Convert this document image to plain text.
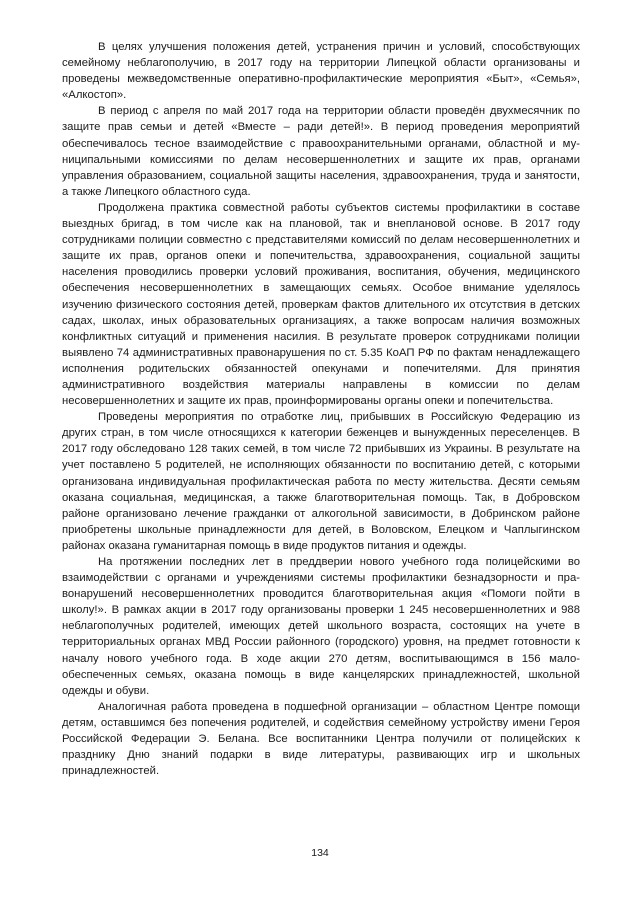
В целях улучшения положения детей, устранения причин и условий, способствующих семейному неблагополучию, в 2017 году на территории Липецкой области организованы и проведены межведомственные оперативно-профилактические мероприятия «Быт», «Семья», «Алкостоп».

В период с апреля по май 2017 года на территории области проведён двухмесячник по защите прав семьи и детей «Вместе – ради детей!». В период проведения мероприятий обеспечивалось тесное взаимодействие с правоохранительными органами, областной и муниципальными комиссиями по делам несовершеннолетних и защите их прав, органами управления образованием, социальной защиты населения, здравоохранения, труда и занятости, а также Липецкого областного суда.

Продолжена практика совместной работы субъектов системы профилактики в составе выездных бригад, в том числе как на плановой, так и внеплановой основе. В 2017 году сотрудниками полиции совместно с представителями комиссий по делам несовершеннолетних и защите их прав, органов опеки и попечительства, здравоохранения, социальной защиты населения проводились проверки условий проживания, воспитания, обучения, медицинского обеспечения несовершеннолетних в замещающих семьях. Особое внимание уделялось изучению физического состояния детей, проверкам фактов длительного их отсутствия в детских садах, школах, иных образовательных организациях, а также вопросам наличия возможных конфликтных ситуаций и применения насилия. В результате проверок сотрудниками полиции выявлено 74 административных правонарушения по ст. 5.35 КоАП РФ по фактам ненадлежащего исполнения родительских обязанностей опекунами и попечителями. Для принятия административного воздействия материалы направлены в комиссии по делам несовершеннолетних и защите их прав, проинформированы органы опеки и попечительства.

Проведены мероприятия по отработке лиц, прибывших в Российскую Федерацию из других стран, в том числе относящихся к категории беженцев и вынужденных переселенцев. В 2017 году обследовано 128 таких семей, в том числе 72 прибывших из Украины. В результате на учет поставлено 5 родителей, не исполняющих обязанности по воспитанию детей, с которыми организована индивидуальная профилактическая работа по месту жительства. Десяти семьям оказана социальная, медицинская, а также благотворительная помощь. Так, в Добровском районе организовано лечение гражданки от алкогольной зависимости, в Добринском районе приобретены школьные принадлежности для детей, в Воловском, Елецком и Чаплыгинском районах оказана гуманитарная помощь в виде продуктов питания и одежды.

На протяжении последних лет в преддверии нового учебного года полицейскими во взаимодействии с органами и учреждениями системы профилактики безнадзорности и правонарушений несовершеннолетних проводится благотворительная акция «Помоги пойти в школу!». В рамках акции в 2017 году организованы проверки 1 245 несовершеннолетних и 988 неблагополучных родителей, имеющих детей школьного возраста, состоящих на учете в территориальных органах МВД России районного (городского) уровня, на предмет готовности к началу нового учебного года. В ходе акции 270 детям, воспитывающимся в 156 малообеспеченных семьях, оказана помощь в виде канцелярских принадлежностей, школьной одежды и обуви.

Аналогичная работа проведена в подшефной организации – областном Центре помощи детям, оставшимся без попечения родителей, и содействия семейному устройству имени Героя Российской Федерации Э. Белана. Все воспитанники Центра получили от полицейских к празднику Дню знаний подарки в виде литературы, развивающих игр и школьных принадлежностей.

134
